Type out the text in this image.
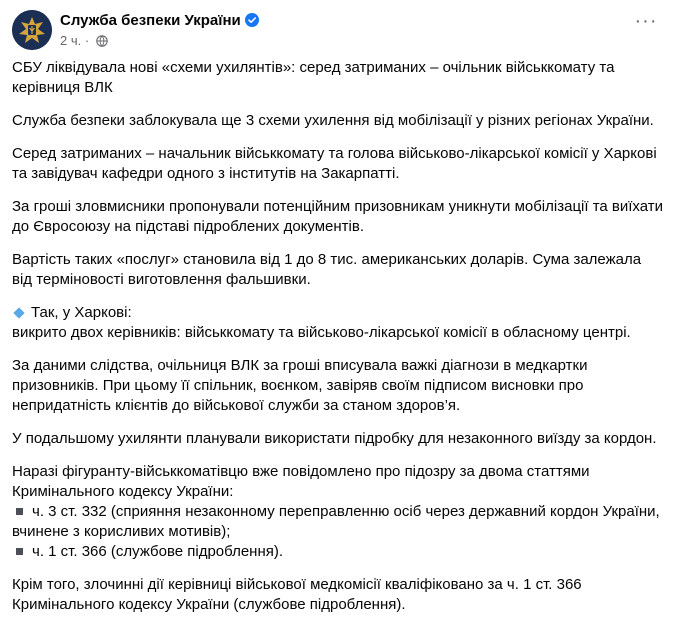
Служба безпеки України
2 ч. ·
···

СБУ ліквідувала нові «схеми ухилянтів»: серед затриманих – очільник військкомату та керівниця ВЛК

Служба безпеки заблокувала ще 3 схеми ухилення від мобілізації у різних регіонах України.

Серед затриманих – начальник військкомату та голова військово-лікарської комісії у Харкові та завідувач кафедри одного з інститутів на Закарпатті.

За гроші зловмисники пропонували потенційним призовникам уникнути мобілізації та виїхати до Євросоюзу на підставі підроблених документів.

Вартість таких «послуг» становила від 1 до 8 тис. американських доларів. Сума залежала від терміновості виготовлення фальшивки.

Так, у Харкові:

викрито двох керівників: військкомату та військово-лікарської комісії в обласному центрі.

За даними слідства, очільниця ВЛК за гроші вписувала важкі діагнози в медкартки призовників. При цьому її спільник, воєнком, завіряв своїм підписом висновки про непридатність клієнтів до військової служби за станом здоров’я.

У подальшому ухилянти планували використати підробку для незаконного виїзду за кордон.

Наразі фігуранту-військкоматівцю вже повідомлено про підозру за двома статтями Кримінального кодексу України:

ч. 3 ст. 332 (сприяння незаконному переправленню осіб через державний кордон України, вчинене з корисливих мотивів);

ч. 1 ст. 366 (службове підроблення).

Крім того, злочинні дії керівниці військової медкомісії кваліфіковано за ч. 1 ст. 366 Кримінального кодексу України (службове підроблення).
